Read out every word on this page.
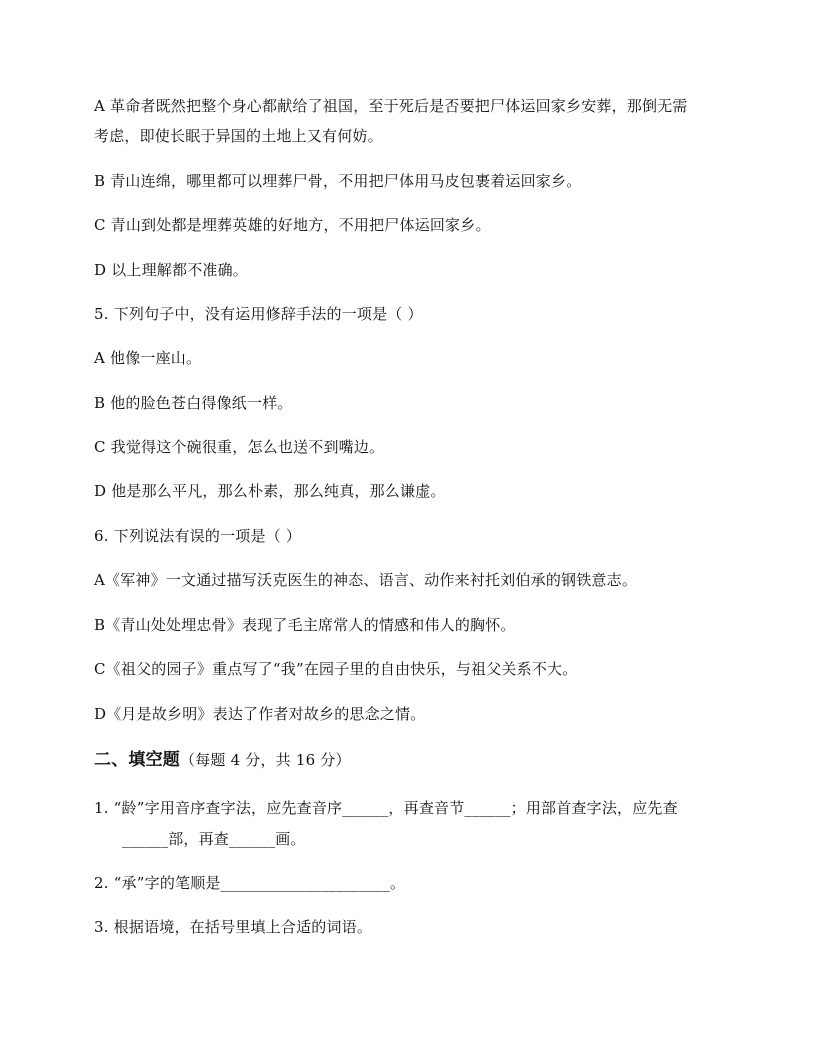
A 革命者既然把整个身心都献给了祖国，至于死后是否要把尸体运回家乡安葬，那倒无需
考虑，即使长眠于异国的土地上又有何妨。
B 青山连绵，哪里都可以埋葬尸骨，不用把尸体用马皮包裹着运回家乡。
C 青山到处都是埋葬英雄的好地方，不用把尸体运回家乡。
D 以上理解都不准确。
5. 下列句子中，没有运用修辞手法的一项是（ ）
A 他像一座山。
B 他的脸色苍白得像纸一样。
C 我觉得这个碗很重，怎么也送不到嘴边。
D 他是那么平凡，那么朴素，那么纯真，那么谦虚。
6. 下列说法有误的一项是（ ）
A《军神》一文通过描写沃克医生的神态、语言、动作来衬托刘伯承的钢铁意志。
B《青山处处埋忠骨》表现了毛主席常人的情感和伟人的胸怀。
C《祖父的园子》重点写了“我”在园子里的自由快乐，与祖父关系不大。
D《月是故乡明》表达了作者对故乡的思念之情。
二、填空题（每题 4 分，共 16 分）
1. “龄”字用音序查字法，应先查音序______，再查音节______；用部首查字法，应先查
______部，再查______画。
2. “承”字的笔顺是______________________。
3. 根据语境，在括号里填上合适的词语。
